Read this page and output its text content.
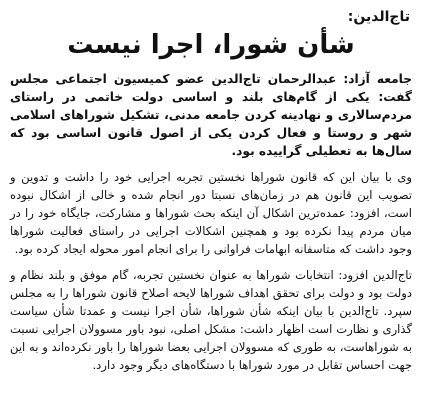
تاج‌الدین:
شأن شورا، اجرا نیست

جامعه آزاد: عبدالرحمان تاج‌الدین عضو کمیسیون اجتماعی مجلس گفت: یکی از گام‌های بلند و اساسی دولت خاتمی در راستای مردم‌سالاری و نهادینه کردن جامعه مدنی، تشکیل شوراهای اسلامی شهر و روستا و فعال کردن یکی از اصول قانون اساسی بود که سال‌ها به تعطیلی گراییده بود.

وی با بیان این که قانون شوراها نخستین تجربه اجرایی خود را داشت و تدوین و تصویب این قانون هم در زمان‌های نسبتا دور انجام شده و خالی از اشکال نبوده است، افزود: عمده‌ترین اشکال آن اینکه بحث شوراها و مشارکت، جایگاه خود را در میان مردم پیدا نکرده بود و همچنین اشکالات اجرایی در راستای فعالیت شوراها وجود داشت که متاسفانه ابهامات فراوانی را برای انجام امور محوله ایجاد کرده بود.

تاج‌الدین افزود: انتخابات شوراها به عنوان نخستین تجربه، گام موفق و بلند نظام و دولت بود و دولت برای تحقق اهداف شوراها لایحه اصلاح قانون شوراها را به مجلس سپرد. تاج‌الدین با بیان اینکه شأن شوراها، شأن اجرا نیست و عمدتا شأن سیاست گذاری و نظارت است اظهار داشت: مشکل اصلی، نبود باور مسوولان اجرایی نسبت به شوراهاست، به طوری که مسوولان اجرایی بعضا شوراها را باور نکرده‌اند و به این جهت احساس تقابل در مورد شوراها با دستگاه‌های دیگر وجود دارد.
